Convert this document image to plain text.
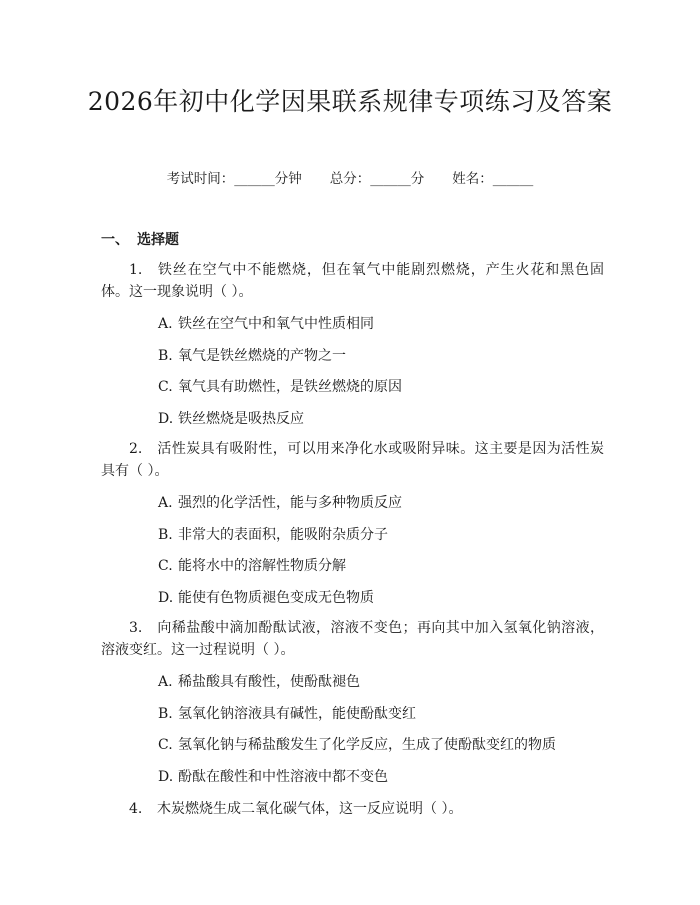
2026年初中化学因果联系规律专项练习及答案
考试时间：______分钟 总分：______分 姓名：______
一、 选择题
1. 铁丝在空气中不能燃烧，但在氧气中能剧烈燃烧，产生火花和黑色固体。这一现象说明（ ）。
A. 铁丝在空气中和氧气中性质相同
B. 氧气是铁丝燃烧的产物之一
C. 氧气具有助燃性，是铁丝燃烧的原因
D. 铁丝燃烧是吸热反应
2. 活性炭具有吸附性，可以用来净化水或吸附异味。这主要是因为活性炭具有（ ）。
A. 强烈的化学活性，能与多种物质反应
B. 非常大的表面积，能吸附杂质分子
C. 能将水中的溶解性物质分解
D. 能使有色物质褪色变成无色物质
3. 向稀盐酸中滴加酚酞试液，溶液不变色；再向其中加入氢氧化钠溶液，溶液变红。这一过程说明（ ）。
A. 稀盐酸具有酸性，使酚酞褪色
B. 氢氧化钠溶液具有碱性，能使酚酞变红
C. 氢氧化钠与稀盐酸发生了化学反应，生成了使酚酞变红的物质
D. 酚酞在酸性和中性溶液中都不变色
4. 木炭燃烧生成二氧化碳气体，这一反应说明（ ）。
